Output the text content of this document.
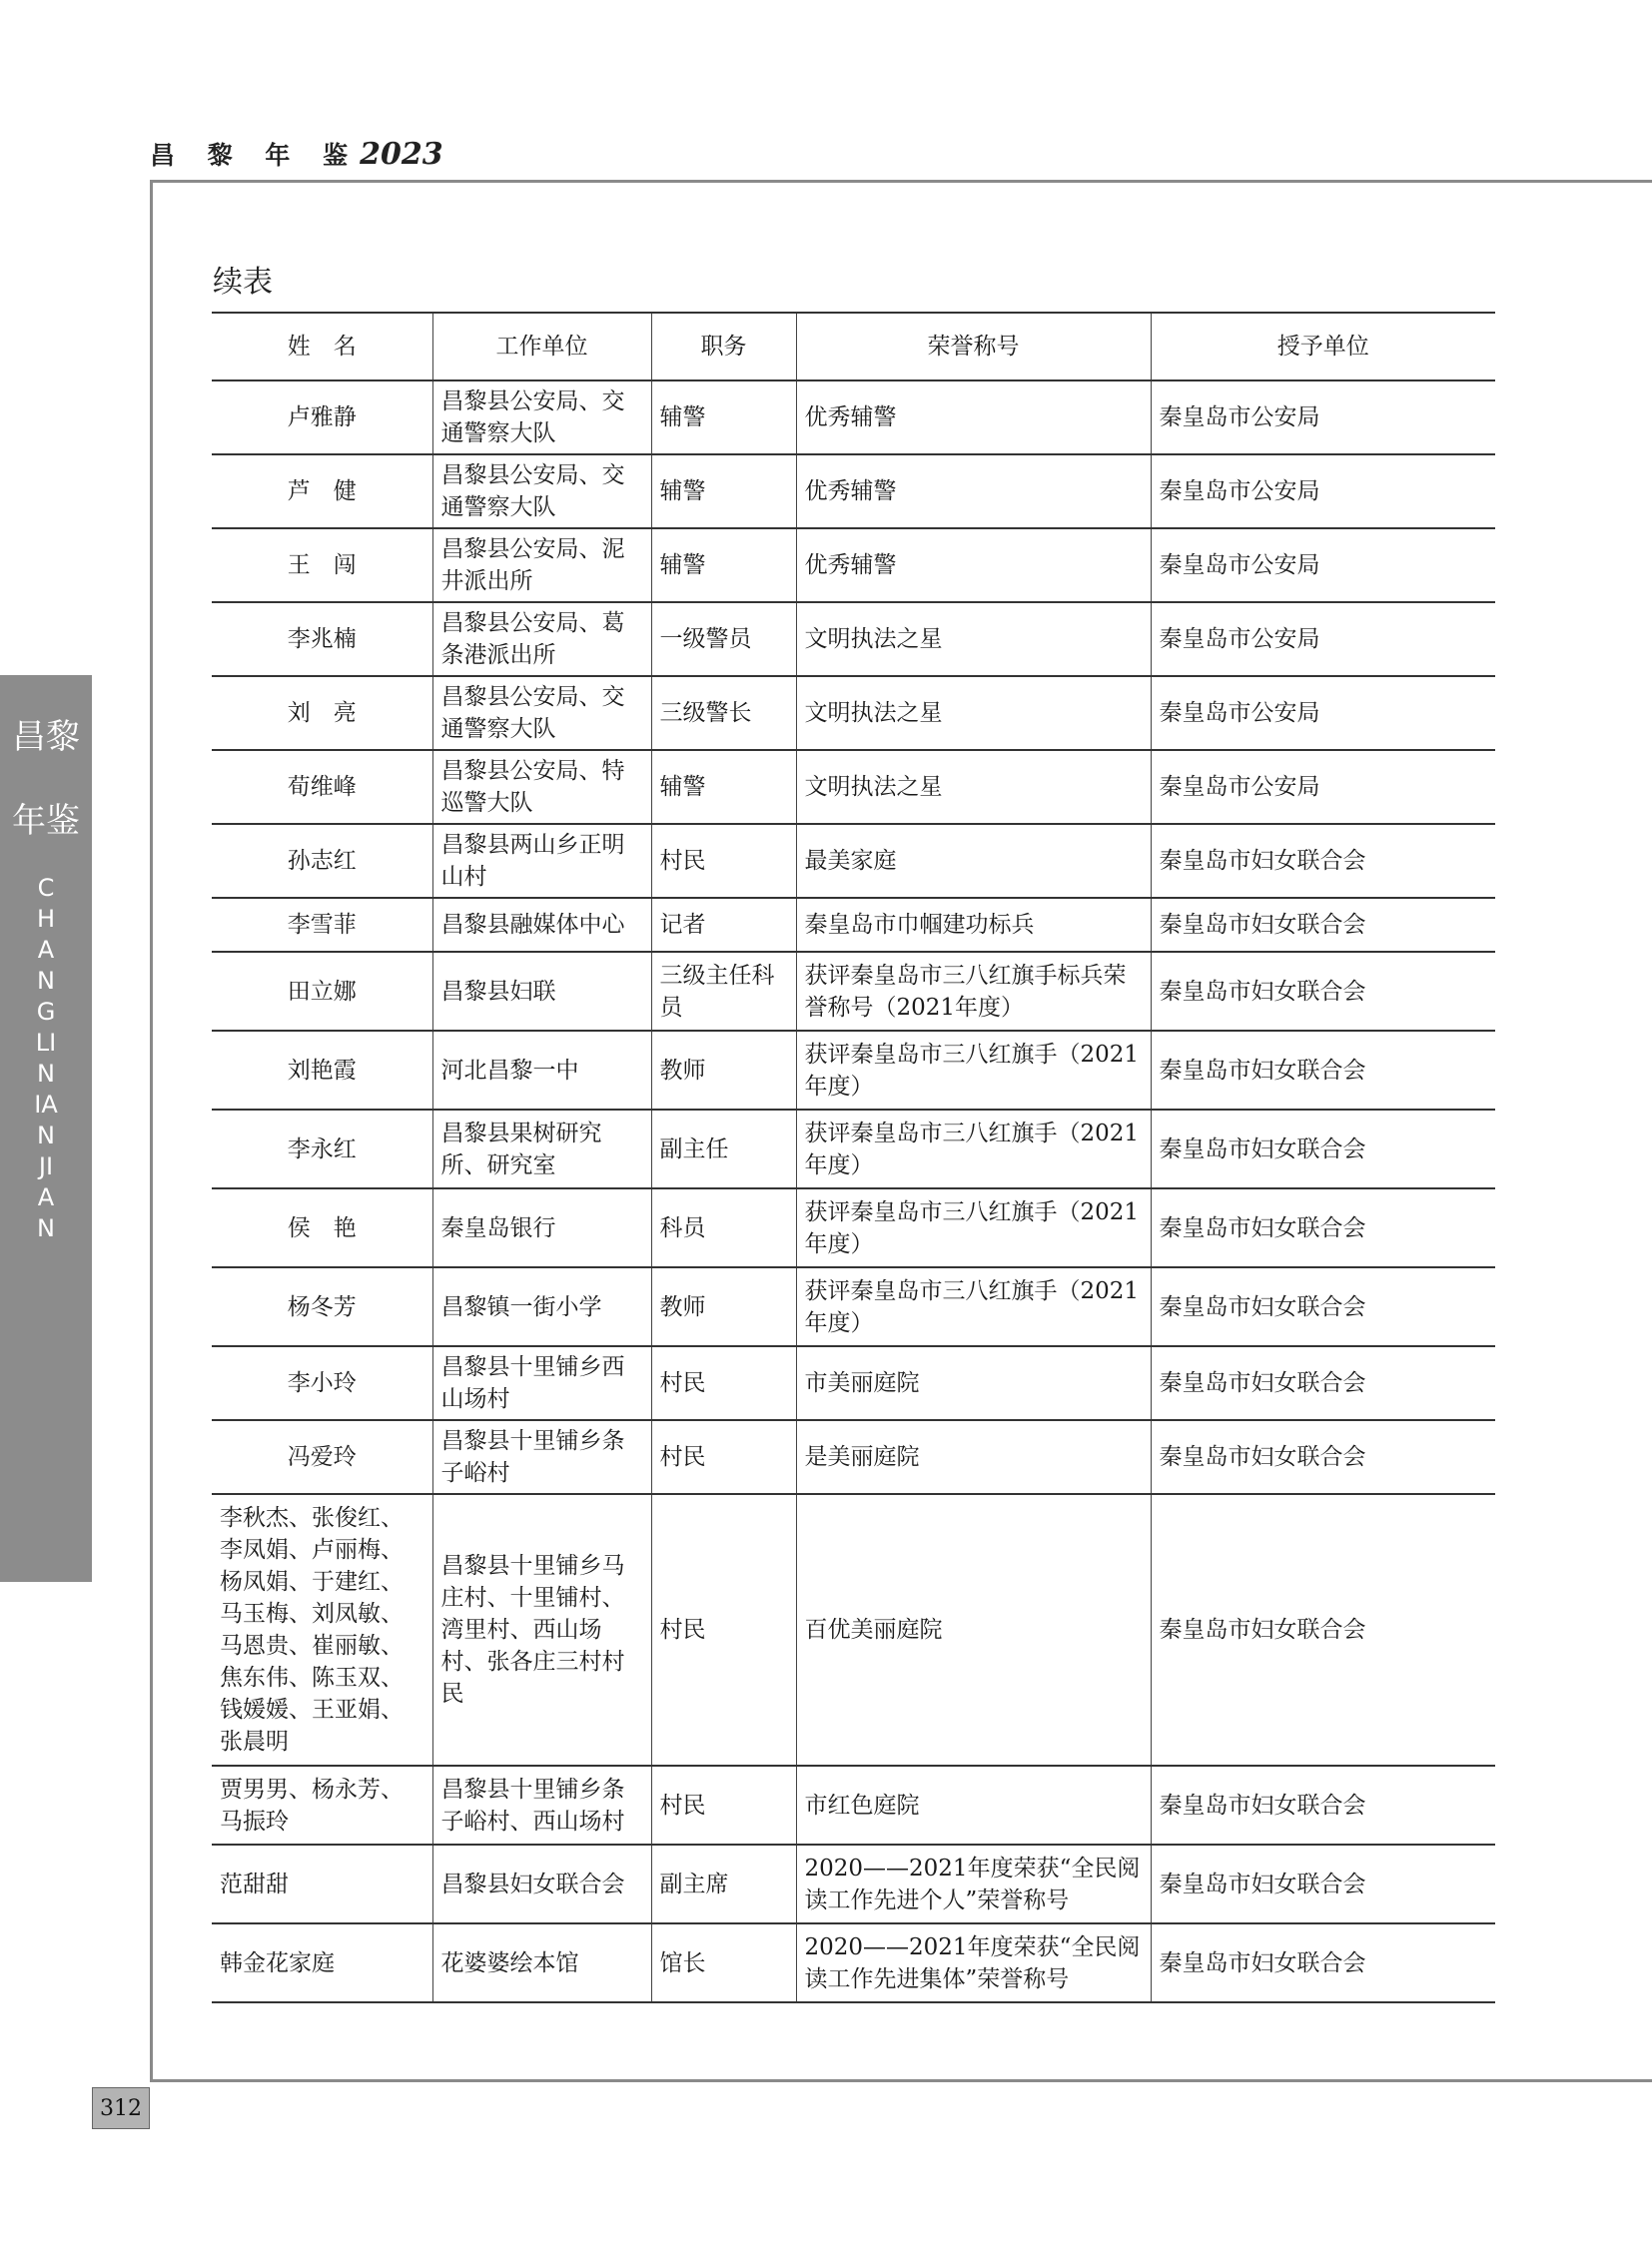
昌 黎 年 鉴2023
昌黎年鉴
CHANGLINIANJIAN
312
续表
姓　名	工作单位	职务	荣誉称号	授予单位
卢雅静	昌黎县公安局、交通警察大队	辅警	优秀辅警	秦皇岛市公安局
芦　健	昌黎县公安局、交通警察大队	辅警	优秀辅警	秦皇岛市公安局
王　闯	昌黎县公安局、泥井派出所	辅警	优秀辅警	秦皇岛市公安局
李兆楠	昌黎县公安局、葛条港派出所	一级警员	文明执法之星	秦皇岛市公安局
刘　亮	昌黎县公安局、交通警察大队	三级警长	文明执法之星	秦皇岛市公安局
荀维峰	昌黎县公安局、特巡警大队	辅警	文明执法之星	秦皇岛市公安局
孙志红	昌黎县两山乡正明山村	村民	最美家庭	秦皇岛市妇女联合会
李雪菲	昌黎县融媒体中心	记者	秦皇岛市巾帼建功标兵	秦皇岛市妇女联合会
田立娜	昌黎县妇联	三级主任科员	获评秦皇岛市三八红旗手标兵荣誉称号（2021年度）	秦皇岛市妇女联合会
刘艳霞	河北昌黎一中	教师	获评秦皇岛市三八红旗手（2021年度）	秦皇岛市妇女联合会
李永红	昌黎县果树研究所、研究室	副主任	获评秦皇岛市三八红旗手（2021年度）	秦皇岛市妇女联合会
侯　艳	秦皇岛银行	科员	获评秦皇岛市三八红旗手（2021年度）	秦皇岛市妇女联合会
杨冬芳	昌黎镇一街小学	教师	获评秦皇岛市三八红旗手（2021年度）	秦皇岛市妇女联合会
李小玲	昌黎县十里铺乡西山场村	村民	市美丽庭院	秦皇岛市妇女联合会
冯爱玲	昌黎县十里铺乡条子峪村	村民	是美丽庭院	秦皇岛市妇女联合会
李秋杰、张俊红、李凤娟、卢丽梅、杨凤娟、于建红、马玉梅、刘凤敏、马恩贵、崔丽敏、焦东伟、陈玉双、钱媛媛、王亚娟、张晨明	昌黎县十里铺乡马庄村、十里铺村、湾里村、西山场村、张各庄三村村民	村民	百优美丽庭院	秦皇岛市妇女联合会
贾男男、杨永芳、马振玲	昌黎县十里铺乡条子峪村、西山场村	村民	市红色庭院	秦皇岛市妇女联合会
范甜甜	昌黎县妇女联合会	副主席	2020——2021年度荣获“全民阅读工作先进个人”荣誉称号	秦皇岛市妇女联合会
韩金花家庭	花婆婆绘本馆	馆长	2020——2021年度荣获“全民阅读工作先进集体”荣誉称号	秦皇岛市妇女联合会
